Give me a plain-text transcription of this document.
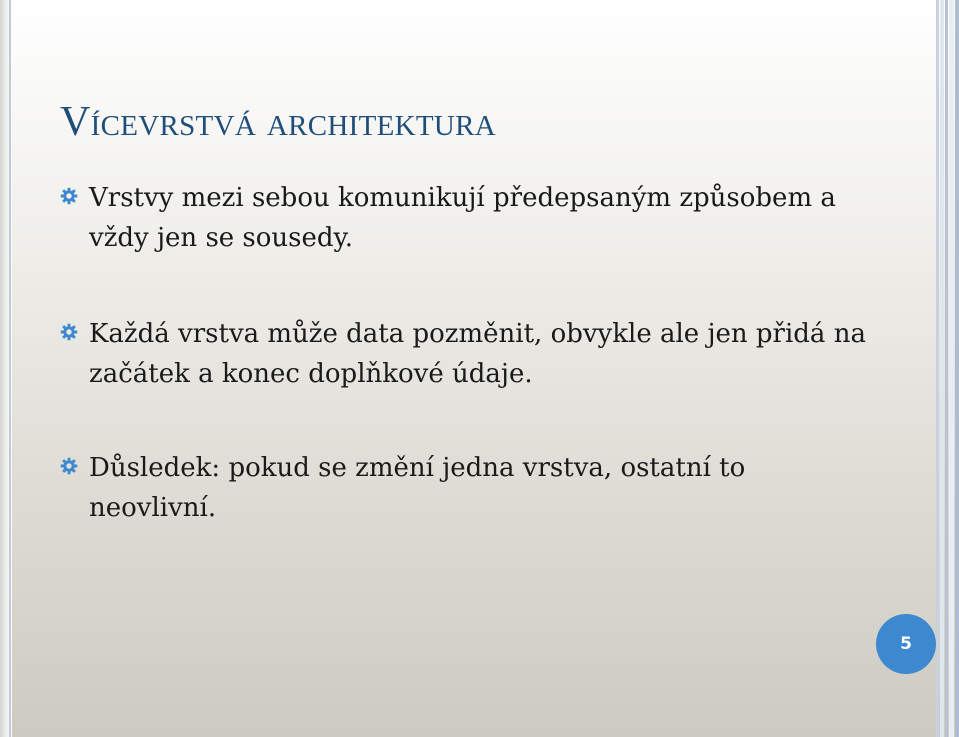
Vícevrstvá architektura

Vrstvy mezi sebou komunikují předepsaným způsobem a vždy jen se sousedy.

Každá vrstva může data pozměnit, obvykle ale jen přidá na začátek a konec doplňkové údaje.

Důsledek: pokud se změní jedna vrstva, ostatní to neovlivní.

5
